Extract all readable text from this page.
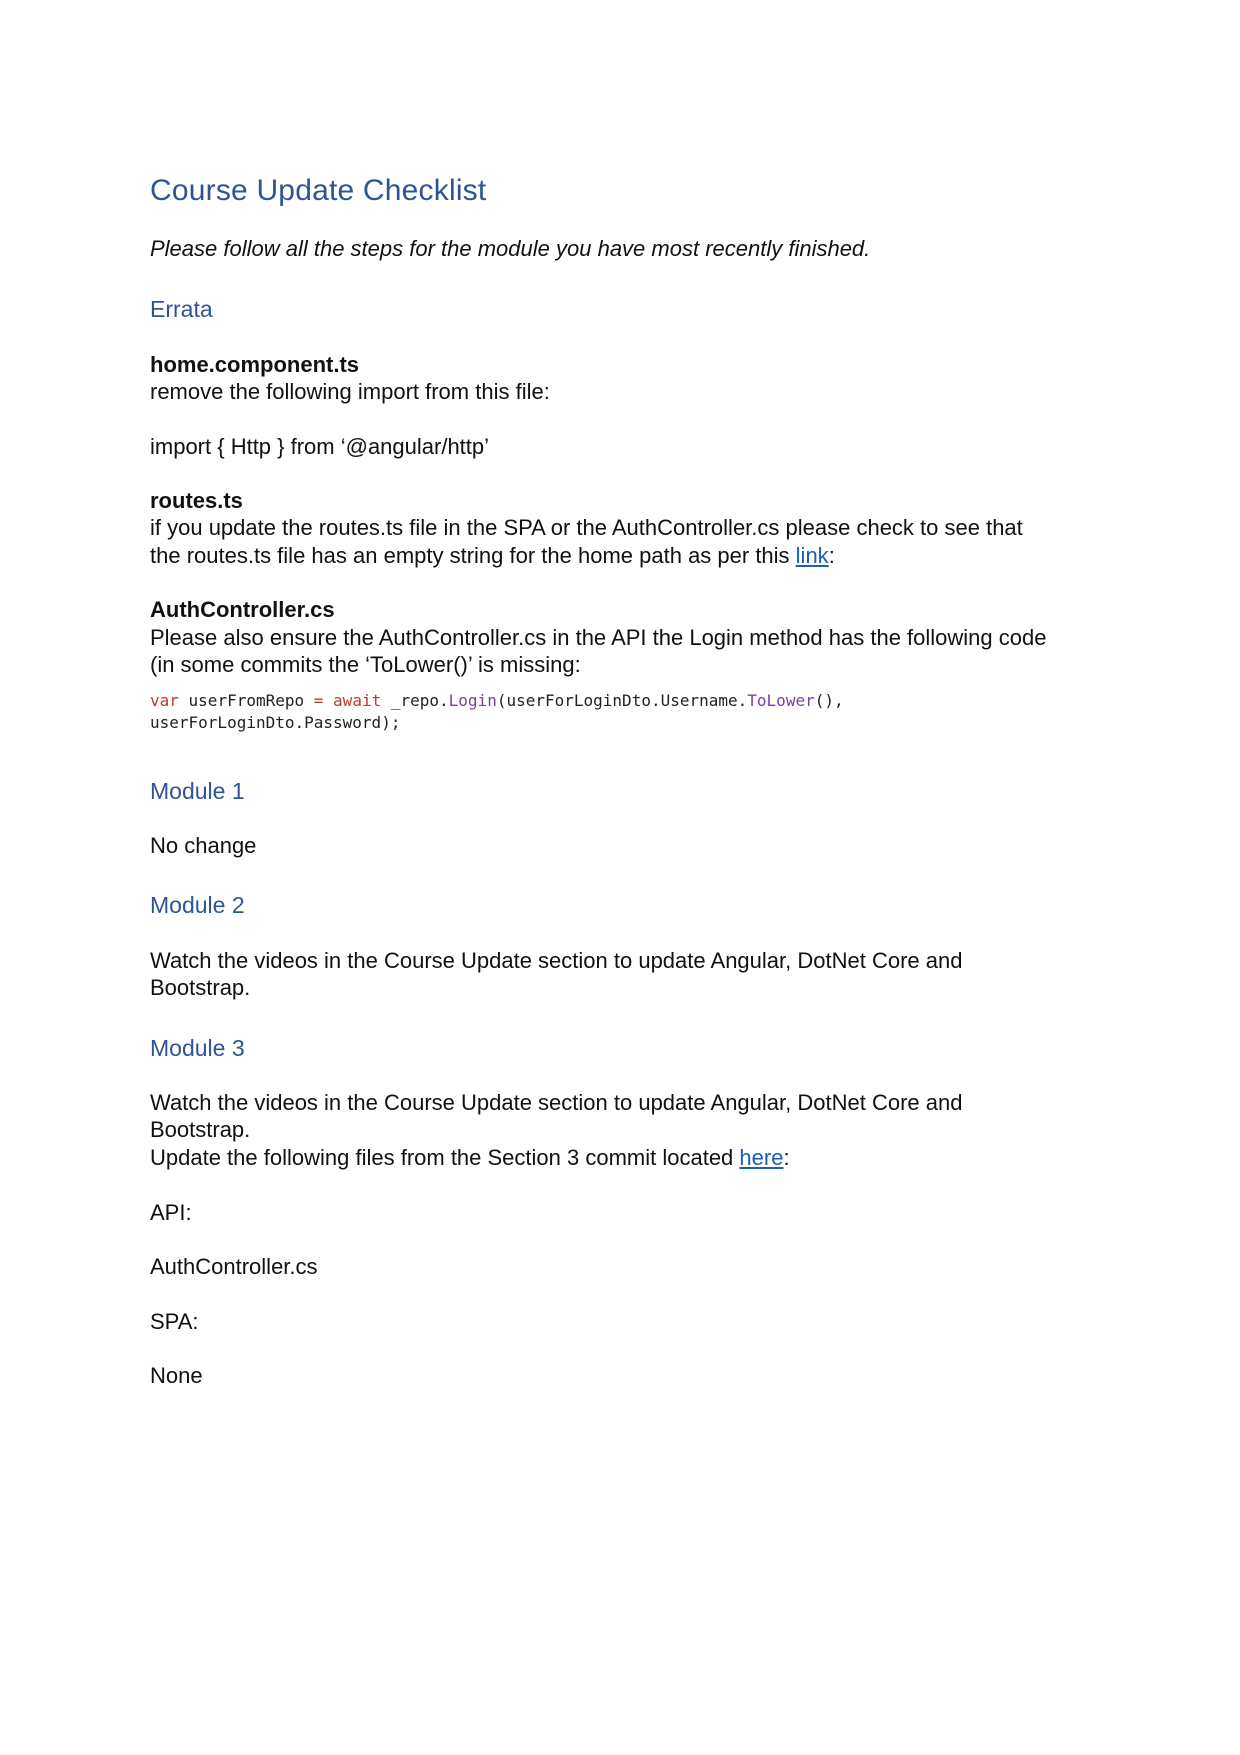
Course Update Checklist
Please follow all the steps for the module you have most recently finished.
Errata
home.component.ts
remove the following import from this file:
import { Http } from ‘@angular/http’
routes.ts
if you update the routes.ts file in the SPA or the AuthController.cs please check to see that
the routes.ts file has an empty string for the home path as per this link:
AuthController.cs
Please also ensure the AuthController.cs in the API the Login method has the following code
(in some commits the ‘ToLower()’ is missing:
var userFromRepo = await _repo.Login(userForLoginDto.Username.ToLower(),
userForLoginDto.Password);
Module 1
No change
Module 2
Watch the videos in the Course Update section to update Angular, DotNet Core and
Bootstrap.
Module 3
Watch the videos in the Course Update section to update Angular, DotNet Core and
Bootstrap.
Update the following files from the Section 3 commit located here:
API:
AuthController.cs
SPA:
None
